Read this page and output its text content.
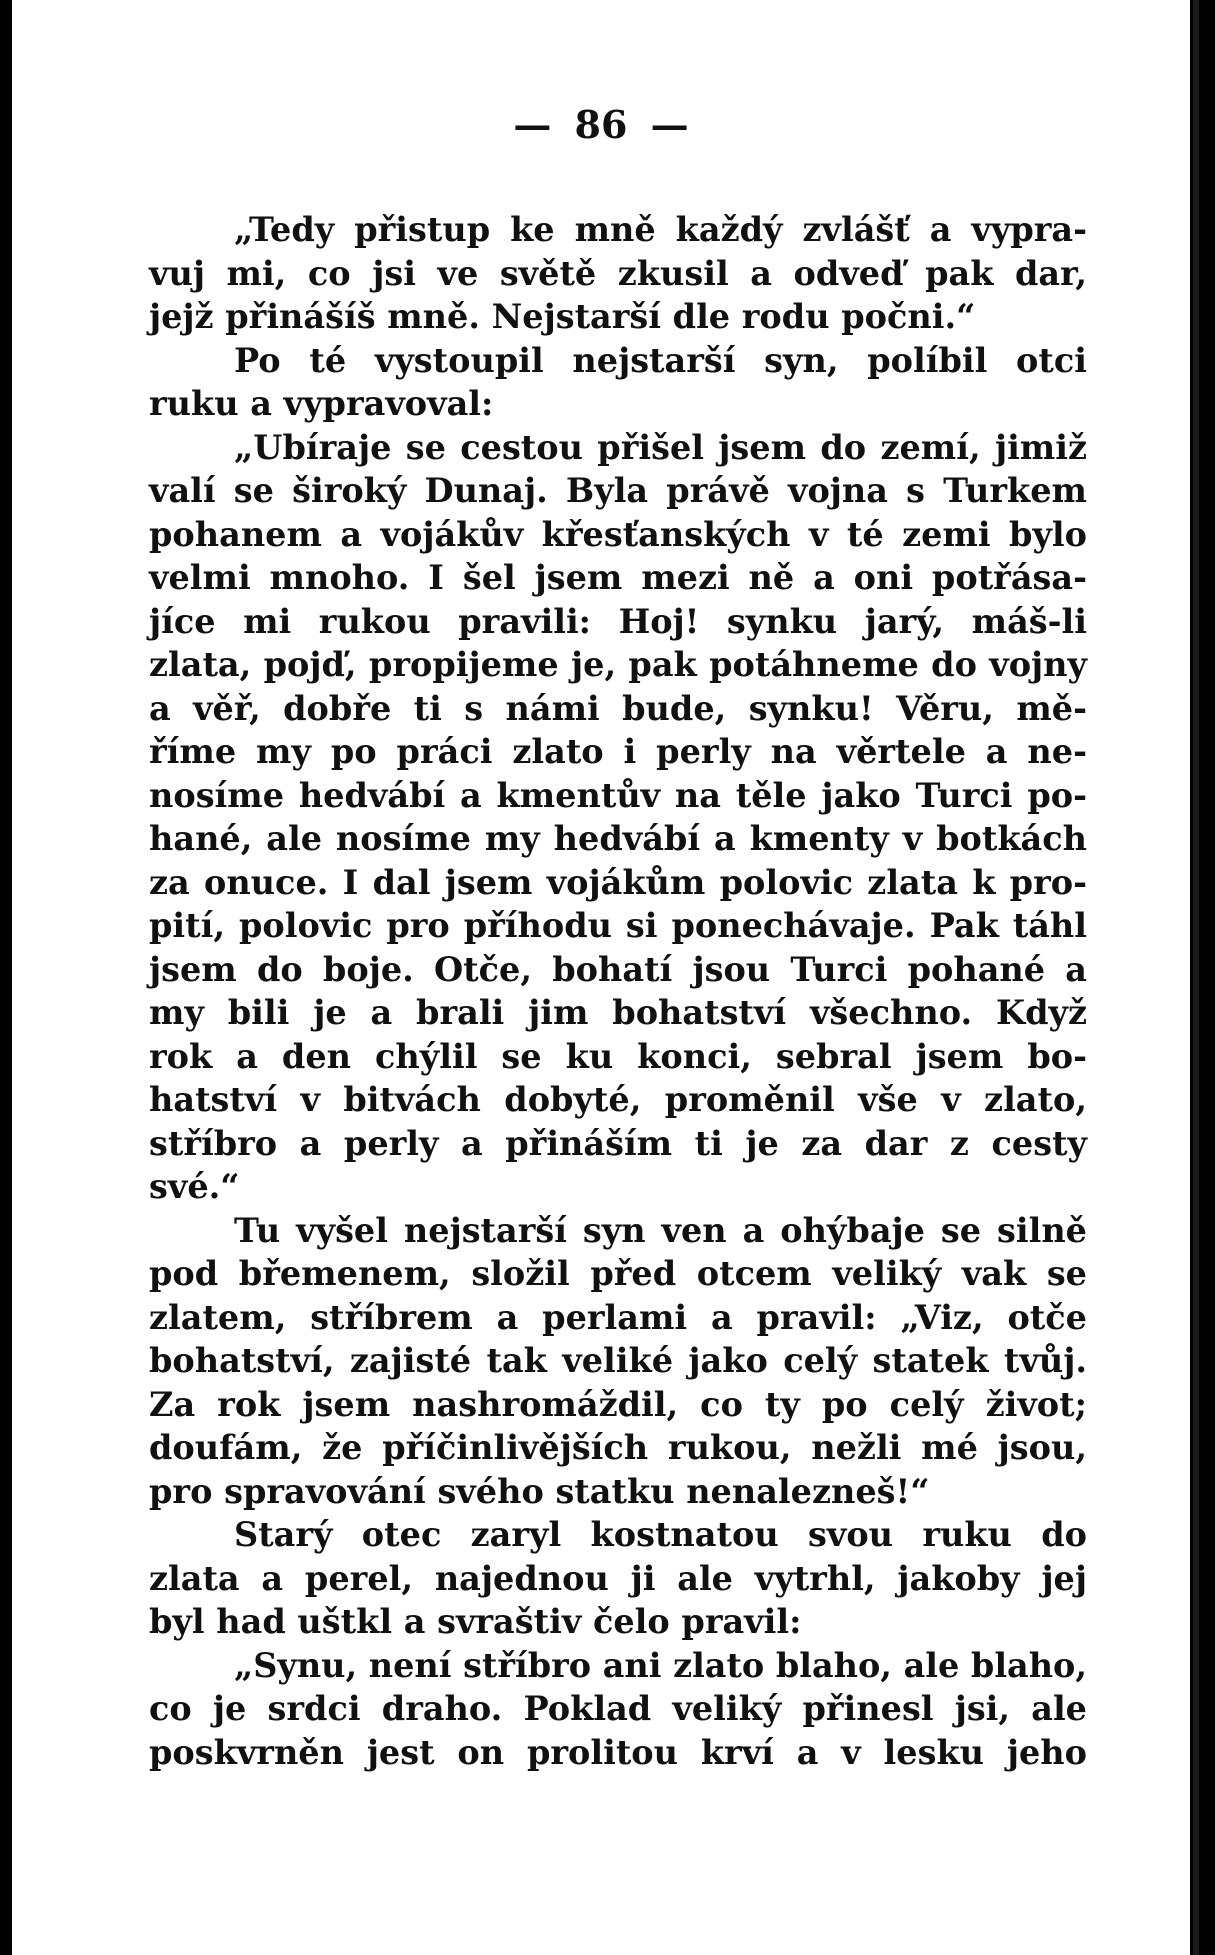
— 86 —
„Tedy přistup ke mně každý zvlášť a vypra-
vuj mi, co jsi ve světě zkusil a odveď pak dar,
jejž přinášíš mně. Nejstarší dle rodu počni.“
Po té vystoupil nejstarší syn, políbil otci
ruku a vypravoval:
„Ubíraje se cestou přišel jsem do zemí, jimiž
valí se široký Dunaj. Byla právě vojna s Turkem
pohanem a vojákův křesťanských v té zemi bylo
velmi mnoho. I šel jsem mezi ně a oni potřása-
jíce mi rukou pravili: Hoj! synku jarý, máš-li
zlata, pojď, propijeme je, pak potáhneme do vojny
a věř, dobře ti s námi bude, synku! Věru, mě-
říme my po práci zlato i perly na věrtele a ne-
nosíme hedvábí a kmentův na těle jako Turci po-
hané, ale nosíme my hedvábí a kmenty v botkách
za onuce. I dal jsem vojákům polovic zlata k pro-
pití, polovic pro příhodu si ponechávaje. Pak táhl
jsem do boje. Otče, bohatí jsou Turci pohané a
my bili je a brali jim bohatství všechno. Když
rok a den chýlil se ku konci, sebral jsem bo-
hatství v bitvách dobyté, proměnil vše v zlato,
stříbro a perly a přináším ti je za dar z cesty
své.“
Tu vyšel nejstarší syn ven a ohýbaje se silně
pod břemenem, složil před otcem veliký vak se
zlatem, stříbrem a perlami a pravil: „Viz, otče
bohatství, zajisté tak veliké jako celý statek tvůj.
Za rok jsem nashromáždil, co ty po celý život;
doufám, že příčinlivějších rukou, nežli mé jsou,
pro spravování svého statku nenalezneš!“
Starý otec zaryl kostnatou svou ruku do
zlata a perel, najednou ji ale vytrhl, jakoby jej
byl had uštkl a svraštiv čelo pravil:
„Synu, není stříbro ani zlato blaho, ale blaho,
co je srdci draho. Poklad veliký přinesl jsi, ale
poskvrněn jest on prolitou krví a v lesku jeho
